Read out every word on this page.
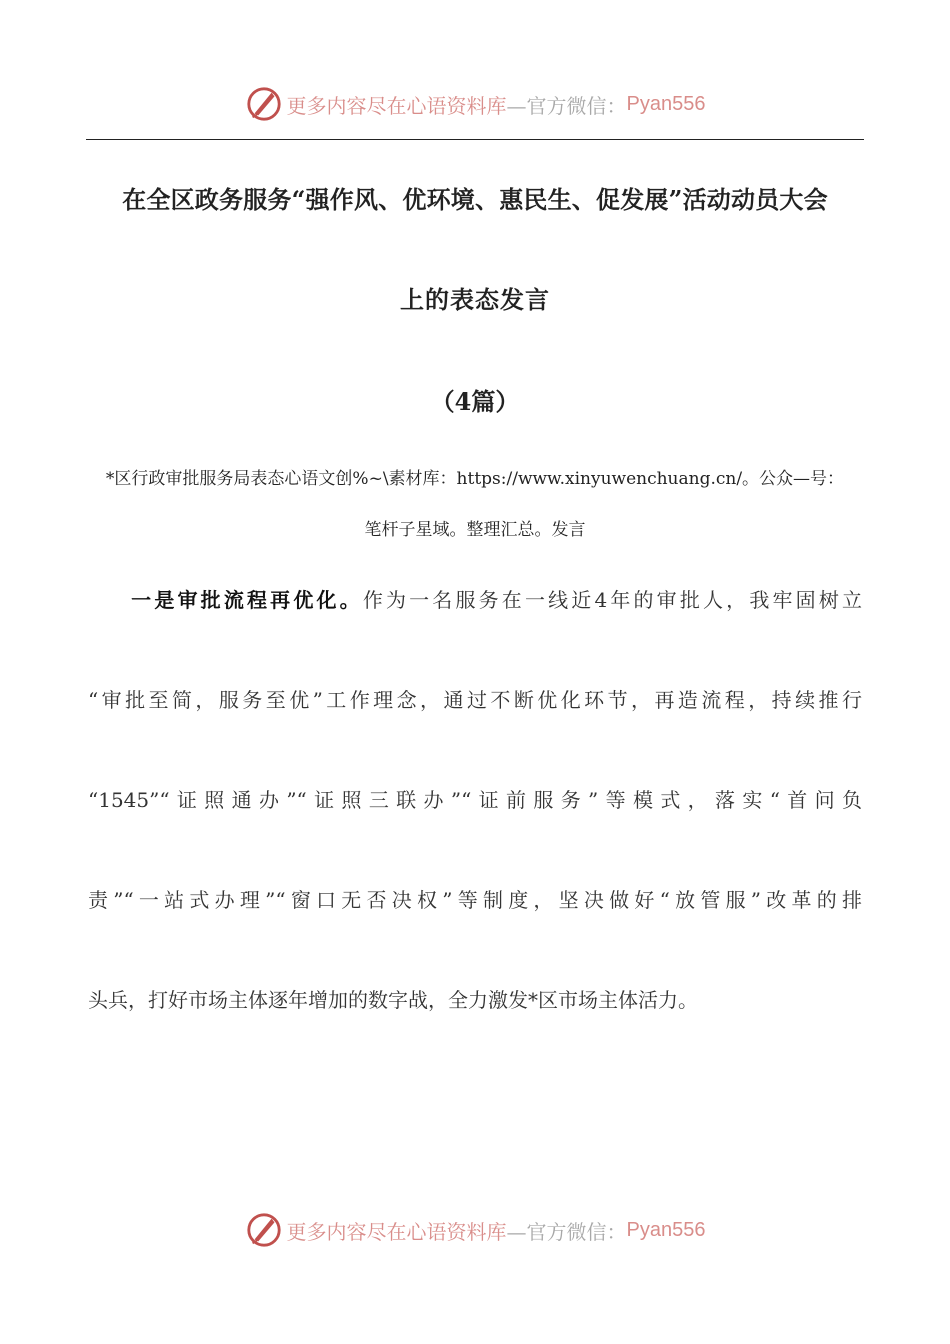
更多内容尽在心语资料库 —官方微信： Pyan556
在全区政务服务“强作风、优环境、惠民生、促发展”活动动员大会
上的表态发言
（4篇）
*区行政审批服务局表态心语文创%~\素材库：https://www.xinyuwenchuang.cn/。公众—号：
笔杆子星域。整理汇总。发言
一是审批流程再优化。作为一名服务在一线近4年的审批人，我牢固树立
“审批至简，服务至优”工作理念，通过不断优化环节，再造流程，持续推行
“1545”“证照通办”“证照三联办”“证前服务”等模式，落实“首问负
责”“一站式办理”“窗口无否决权”等制度，坚决做好“放管服”改革的排
头兵，打好市场主体逐年增加的数字战，全力激发*区市场主体活力。
更多内容尽在心语资料库 —官方微信： Pyan556
